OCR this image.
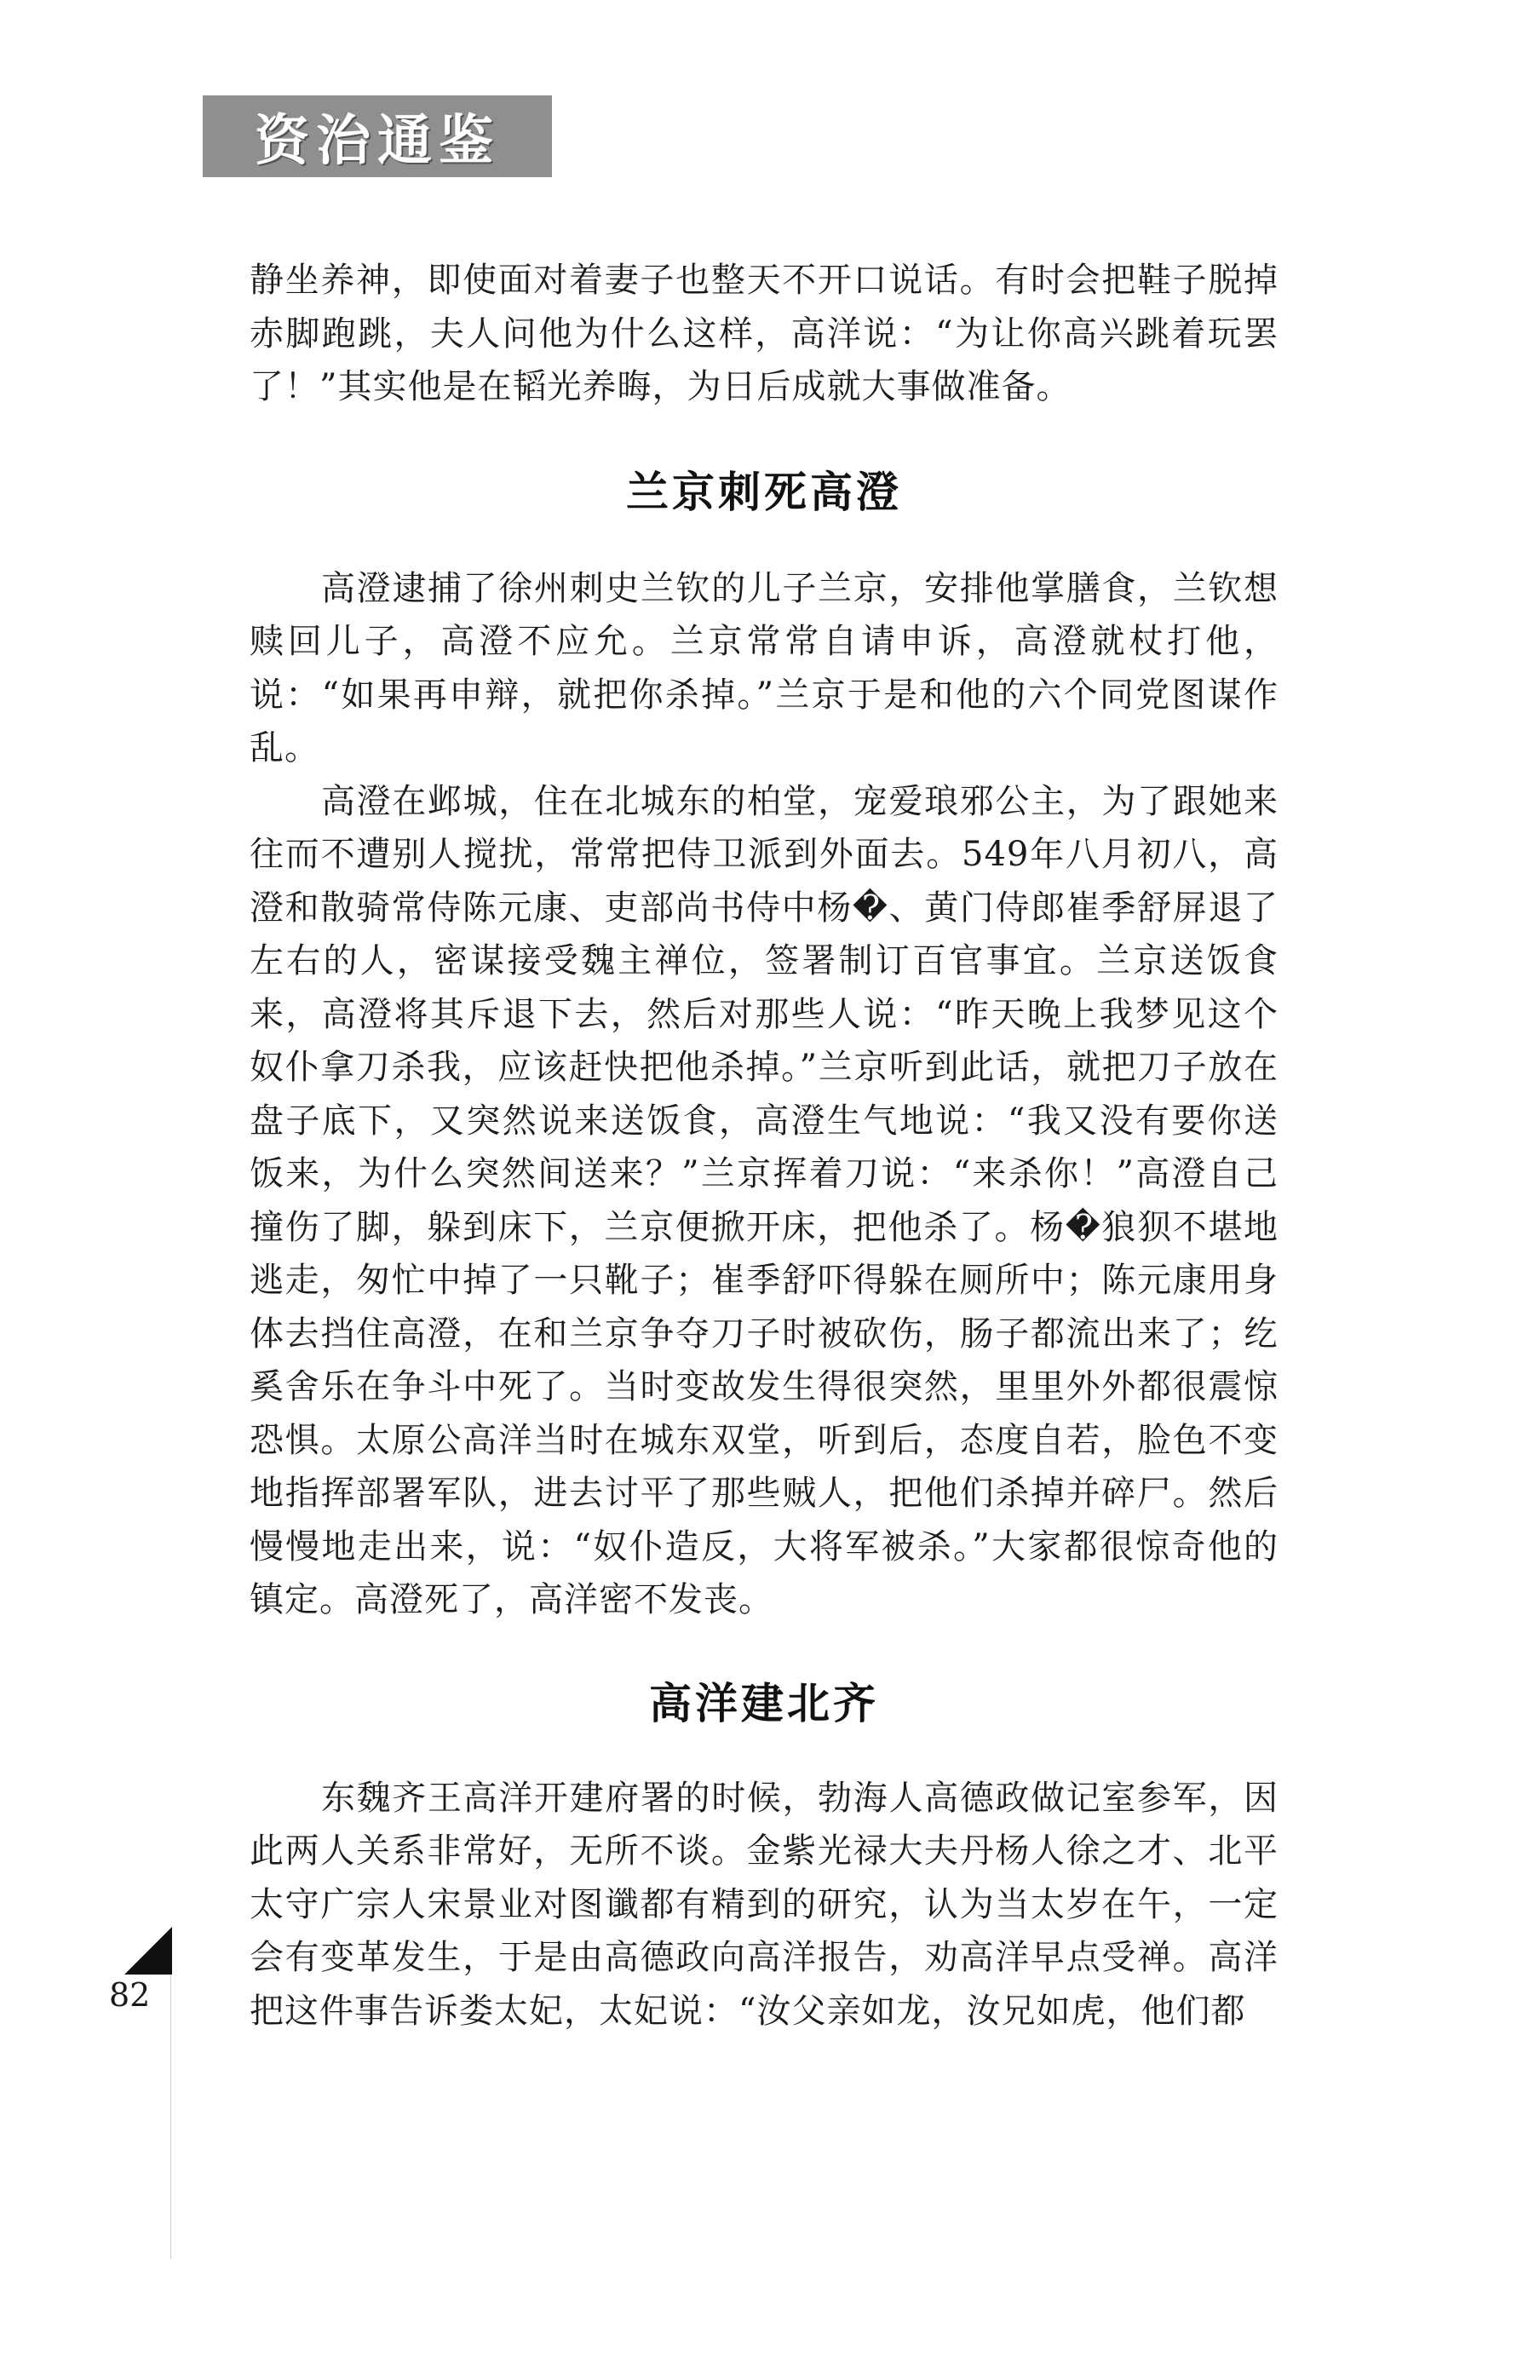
资治通鉴

静坐养神，即使面对着妻子也整天不开口说话。有时会把鞋子脱掉赤脚跑跳，夫人问他为什么这样，高洋说：“为让你高兴跳着玩罢了！”其实他是在韬光养晦，为日后成就大事做准备。

兰京刺死高澄

高澄逮捕了徐州刺史兰钦的儿子兰京，安排他掌膳食，兰钦想赎回儿子，高澄不应允。兰京常常自请申诉，高澄就杖打他，说：“如果再申辩，就把你杀掉。”兰京于是和他的六个同党图谋作乱。

高澄在邺城，住在北城东的柏堂，宠爱琅邪公主，为了跟她来往而不遭别人搅扰，常常把侍卫派到外面去。549年八月初八，高澄和散骑常侍陈元康、吏部尚书侍中杨�、黄门侍郎崔季舒屏退了左右的人，密谋接受魏主禅位，签署制订百官事宜。兰京送饭食来，高澄将其斥退下去，然后对那些人说：“昨天晚上我梦见这个奴仆拿刀杀我，应该赶快把他杀掉。”兰京听到此话，就把刀子放在盘子底下，又突然说来送饭食，高澄生气地说：“我又没有要你送饭来，为什么突然间送来？”兰京挥着刀说：“来杀你！”高澄自己撞伤了脚，躲到床下，兰京便掀开床，把他杀了。杨�狼狈不堪地逃走，匆忙中掉了一只靴子；崔季舒吓得躲在厕所中；陈元康用身体去挡住高澄，在和兰京争夺刀子时被砍伤，肠子都流出来了；纥奚舍乐在争斗中死了。当时变故发生得很突然，里里外外都很震惊恐惧。太原公高洋当时在城东双堂，听到后，态度自若，脸色不变地指挥部署军队，进去讨平了那些贼人，把他们杀掉并碎尸。然后慢慢地走出来，说：“奴仆造反，大将军被杀。”大家都很惊奇他的镇定。高澄死了，高洋密不发丧。

高洋建北齐

东魏齐王高洋开建府署的时候，勃海人高德政做记室参军，因此两人关系非常好，无所不谈。金紫光禄大夫丹杨人徐之才、北平太守广宗人宋景业对图谶都有精到的研究，认为当太岁在午，一定会有变革发生，于是由高德政向高洋报告，劝高洋早点受禅。高洋把这件事告诉娄太妃，太妃说：“汝父亲如龙，汝兄如虎，他们都

82
